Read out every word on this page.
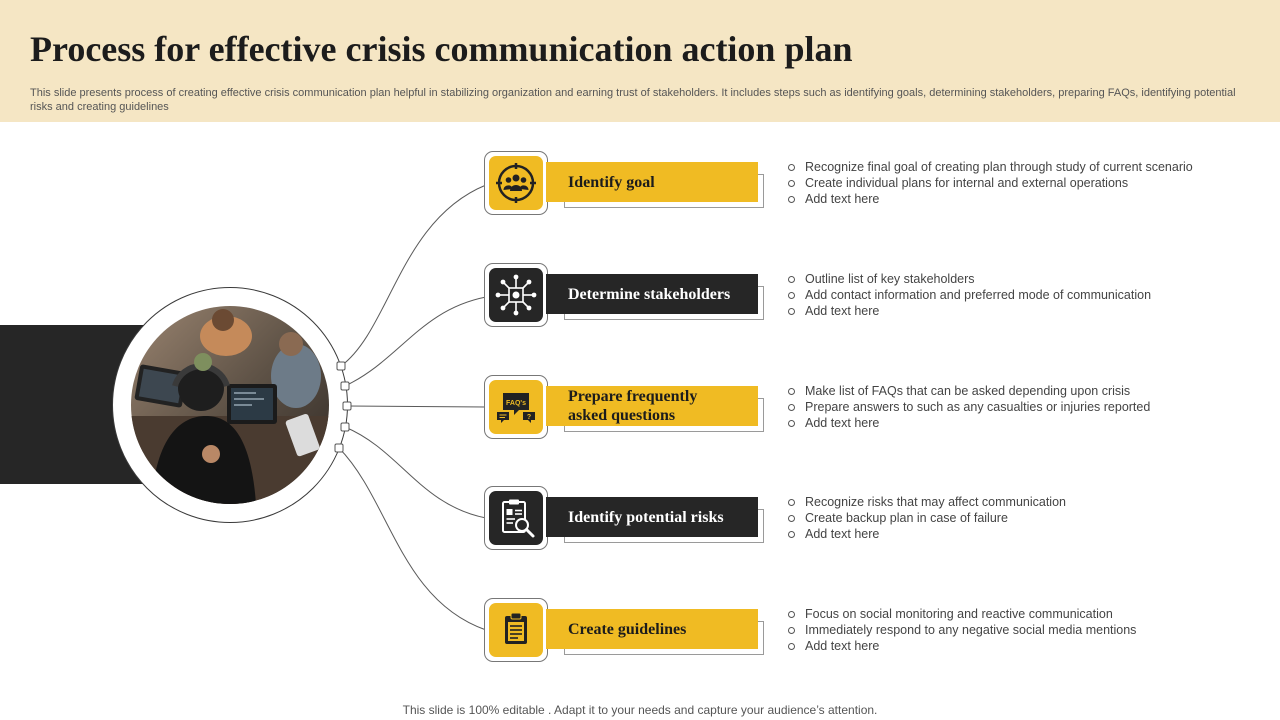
Process for effective crisis communication action plan

This slide presents process of creating effective crisis communication plan helpful in stabilizing organization and earning trust of stakeholders. It includes steps such as identifying goals, determining stakeholders, preparing FAQs, identifying potential risks and creating guidelines

Identify goal
Recognize final goal of creating plan through study of current scenario
Create individual plans for internal and external operations
Add text here
Determine stakeholders
Outline list of key stakeholders
Add contact information and preferred mode of communication
Add text here
FAQ's
?
Prepare frequently asked questions
Make list of FAQs that can be asked depending upon crisis
Prepare answers to such as any casualties or injuries reported
Add text here
Identify potential risks
Recognize risks that may affect communication
Create backup plan in case of failure
Add text here
Create guidelines
Focus on social monitoring and reactive communication
Immediately respond to any negative social media mentions
Add text here
This slide is 100% editable . Adapt it to your needs and capture your audience’s attention.
